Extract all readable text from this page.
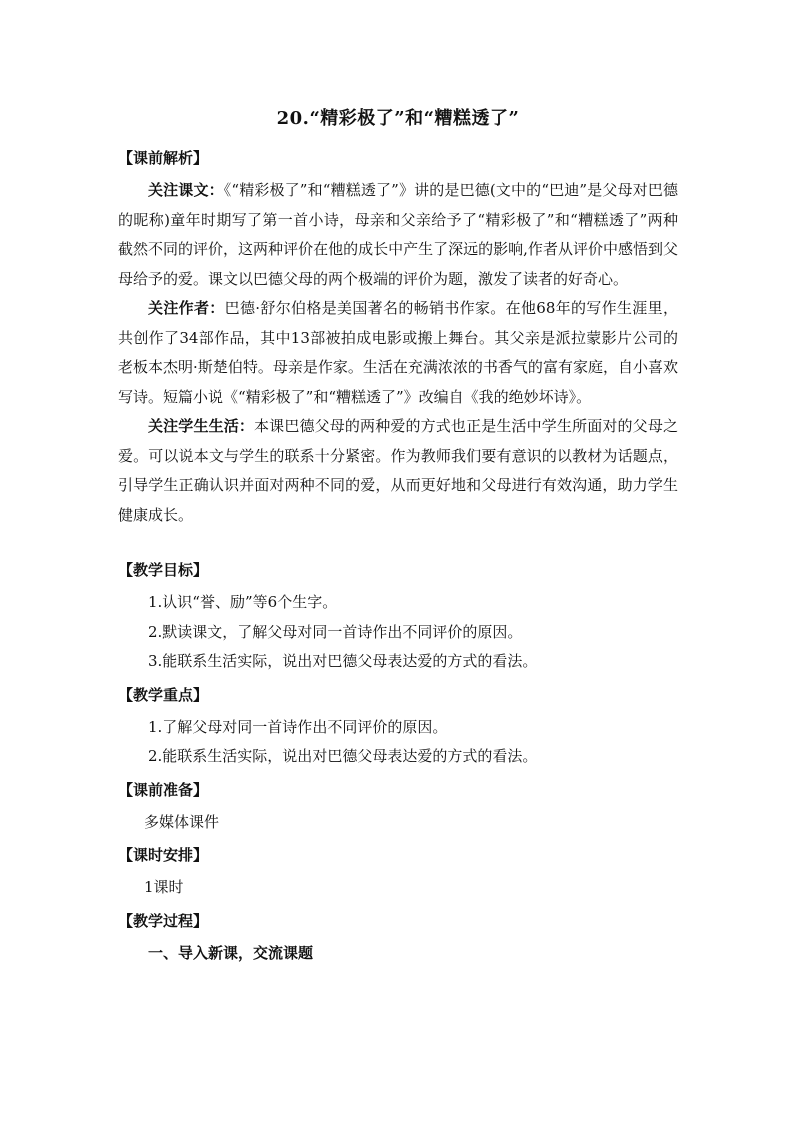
20.“精彩极了”和“糟糕透了”
【课前解析】

关注课文：《“精彩极了”和“糟糕透了”》讲的是巴德(文中的“巴迪”是父母对巴德的昵称)童年时期写了第一首小诗，母亲和父亲给予了“精彩极了”和“糟糕透了”两种截然不同的评价，这两种评价在他的成长中产生了深远的影响,作者从评价中感悟到父母给予的爱。课文以巴德父母的两个极端的评价为题，激发了读者的好奇心。

关注作者：巴德·舒尔伯格是美国著名的畅销书作家。在他68年的写作生涯里，共创作了34部作品，其中13部被拍成电影或搬上舞台。其父亲是派拉蒙影片公司的老板本杰明·斯楚伯特。母亲是作家。生活在充满浓浓的书香气的富有家庭，自小喜欢写诗。短篇小说《“精彩极了”和“糟糕透了”》改编自《我的绝妙坏诗》。

关注学生生活：本课巴德父母的两种爱的方式也正是生活中学生所面对的父母之爱。可以说本文与学生的联系十分紧密。作为教师我们要有意识的以教材为话题点，引导学生正确认识并面对两种不同的爱，从而更好地和父母进行有效沟通，助力学生健康成长。

【教学目标】

1.认识“誉、励”等6个生字。

2.默读课文，了解父母对同一首诗作出不同评价的原因。

3.能联系生活实际，说出对巴德父母表达爱的方式的看法。

【教学重点】

1.了解父母对同一首诗作出不同评价的原因。

2.能联系生活实际，说出对巴德父母表达爱的方式的看法。

【课前准备】

多媒体课件

【课时安排】

1课时

【教学过程】

一、导入新课，交流课题
